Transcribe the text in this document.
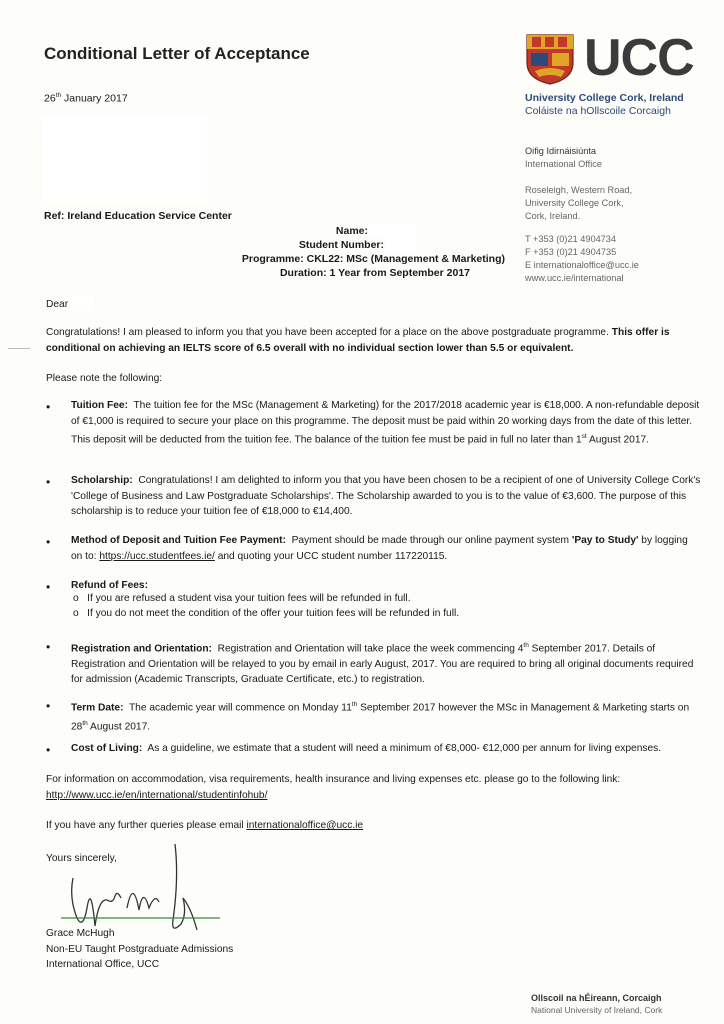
Conditional Letter of Acceptance
26th January 2017
UCC
University College Cork, Ireland
Coláiste na hOllscoile Corcaigh
Oifig Idirnáisiúnta
International Office
Roseleigh, Western Road,
University College Cork,
Cork, Ireland.
T +353 (0)21 4904734
F +353 (0)21 4904735
E internationaloffice@ucc.ie
www.ucc.ie/international
Ref: Ireland Education Service Center
Name:
Student Number:
Programme: CKL22: MSc (Management & Marketing)
Duration: 1 Year from September 2017
Dear
Congratulations! I am pleased to inform you that you have been accepted for a place on the above postgraduate programme. This offer is conditional on achieving an IELTS score of 6.5 overall with no individual section lower than 5.5 or equivalent.
Please note the following:
• Tuition Fee: The tuition fee for the MSc (Management & Marketing) for the 2017/2018 academic year is €18,000. A non-refundable deposit of €1,000 is required to secure your place on this programme. The deposit must be paid within 20 working days from the date of this letter. This deposit will be deducted from the tuition fee. The balance of the tuition fee must be paid in full no later than 1st August 2017.
• Scholarship: Congratulations! I am delighted to inform you that you have been chosen to be a recipient of one of University College Cork's 'College of Business and Law Postgraduate Scholarships'. The Scholarship awarded to you is to the value of €3,600. The purpose of this scholarship is to reduce your tuition fee of €18,000 to €14,400.
• Method of Deposit and Tuition Fee Payment: Payment should be made through our online payment system 'Pay to Study' by logging on to: https://ucc.studentfees.ie/ and quoting your UCC student number 117220115.
• Refund of Fees:
o   If you are refused a student visa your tuition fees will be refunded in full.
o   If you do not meet the condition of the offer your tuition fees will be refunded in full.
• Registration and Orientation: Registration and Orientation will take place the week commencing 4th September 2017. Details of Registration and Orientation will be relayed to you by email in early August, 2017. You are required to bring all original documents required for admission (Academic Transcripts, Graduate Certificate, etc.) to registration.
• Term Date: The academic year will commence on Monday 11th September 2017 however the MSc in Management & Marketing starts on 28th August 2017.
• Cost of Living: As a guideline, we estimate that a student will need a minimum of €8,000- €12,000 per annum for living expenses.
For information on accommodation, visa requirements, health insurance and living expenses etc. please go to the following link:
http://www.ucc.ie/en/international/studentinfohub/
If you have any further queries please email internationaloffice@ucc.ie
Yours sincerely,
Grace McHugh
Non-EU Taught Postgraduate Admissions
International Office, UCC
Ollscoil na hÉireann, Corcaigh
National University of Ireland, Cork
